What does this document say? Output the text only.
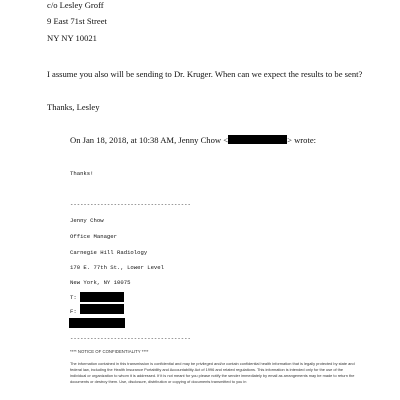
c/o Lesley Groff
9 East 71st Street
NY NY 10021
I assume you also will be sending to Dr. Kruger. When can we expect the results to be sent?
Thanks, Lesley
On Jan 18, 2018, at 10:38 AM, Jenny Chow <	> wrote:
Thanks!
------------------------------------
Jenny Chow
Office Manager
Carnegie Hill Radiology
170 E. 77th St., Lower Level
New York, NY 10075
T:
F:
------------------------------------
**** NOTICE OF CONFIDENTIALITY ****
The information contained in this transmission is confidential and may be privileged and/or contain confidential health information that is legally protected by state and federal law, including the Health Insurance Portability and Accountability Act of 1996 and related regulations. This information is intended only for the use of the individual or organization to whom it is addressed. If it is not meant for you please notify the sender immediately by email as arrangements may be made to return the documents or destroy them. Use, disclosure, distribution or copying of documents transmitted to you in
